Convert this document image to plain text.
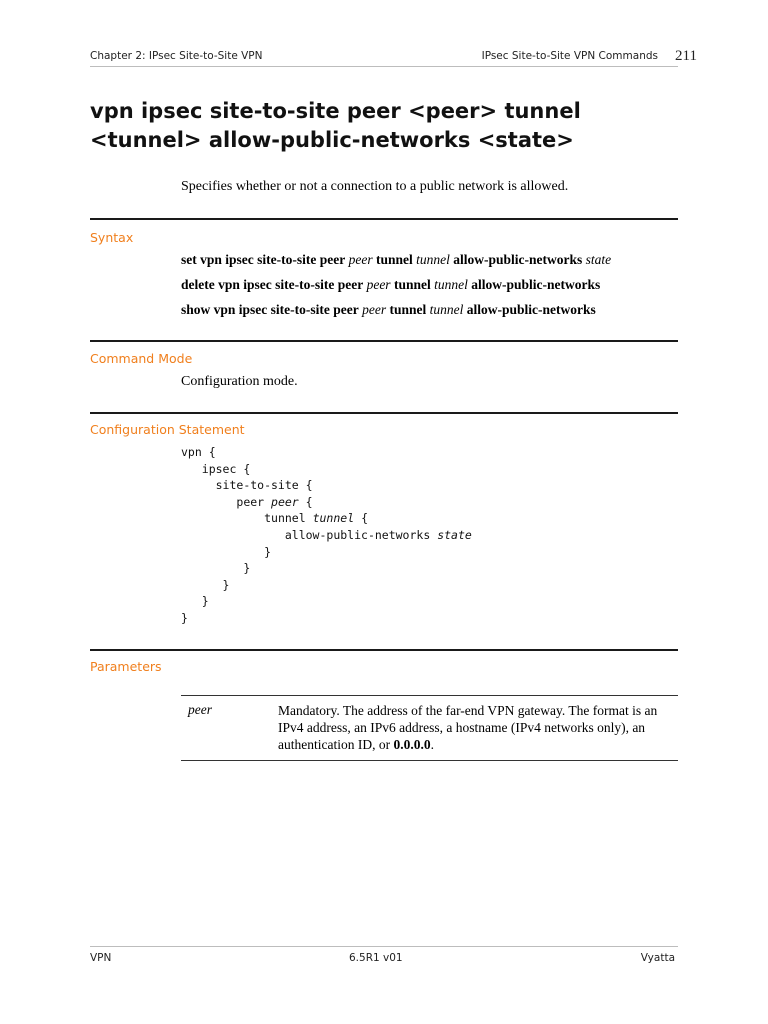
Chapter 2: IPsec Site-to-Site VPN	IPsec Site-to-Site VPN Commands 211
vpn ipsec site-to-site peer <peer> tunnel
<tunnel> allow-public-networks <state>
Specifies whether or not a connection to a public network is allowed.
Syntax
set vpn ipsec site-to-site peer peer tunnel tunnel allow-public-networks state
delete vpn ipsec site-to-site peer peer tunnel tunnel allow-public-networks
show vpn ipsec site-to-site peer peer tunnel tunnel allow-public-networks
Command Mode
Configuration mode.
Configuration Statement
vpn {
ipsec {
site-to-site {
peer peer {
tunnel tunnel {
allow-public-networks state
}
}
}
}
}
Parameters
peer	Mandatory. The address of the far-end VPN gateway. The format is an IPv4 address, an IPv6 address, a hostname (IPv4 networks only), an authentication ID, or 0.0.0.0.
VPN	6.5R1 v01	Vyatta
